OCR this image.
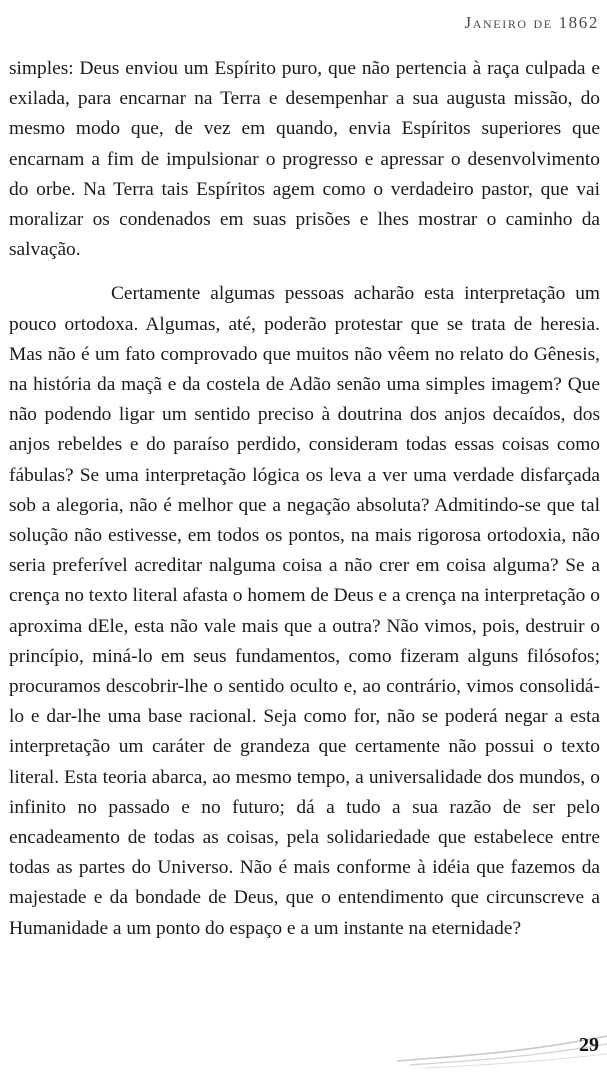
Janeiro de 1862

simples: Deus enviou um Espírito puro, que não pertencia à raça culpada e exilada, para encarnar na Terra e desempenhar a sua augusta missão, do mesmo modo que, de vez em quando, envia Espíritos superiores que encarnam a fim de impulsionar o progresso e apressar o desenvolvimento do orbe. Na Terra tais Espíritos agem como o verdadeiro pastor, que vai moralizar os condenados em suas prisões e lhes mostrar o caminho da salvação.

Certamente algumas pessoas acharão esta interpretação um pouco ortodoxa. Algumas, até, poderão protestar que se trata de heresia. Mas não é um fato comprovado que muitos não vêem no relato do Gênesis, na história da maçã e da costela de Adão senão uma simples imagem? Que não podendo ligar um sentido preciso à doutrina dos anjos decaídos, dos anjos rebeldes e do paraíso perdido, consideram todas essas coisas como fábulas? Se uma interpretação lógica os leva a ver uma verdade disfarçada sob a alegoria, não é melhor que a negação absoluta? Admitindo-se que tal solução não estivesse, em todos os pontos, na mais rigorosa ortodoxia, não seria preferível acreditar nalguma coisa a não crer em coisa alguma? Se a crença no texto literal afasta o homem de Deus e a crença na interpretação o aproxima dEle, esta não vale mais que a outra? Não vimos, pois, destruir o princípio, miná-lo em seus fundamentos, como fizeram alguns filósofos; procuramos descobrir-lhe o sentido oculto e, ao contrário, vimos consolidá-lo e dar-lhe uma base racional. Seja como for, não se poderá negar a esta interpretação um caráter de grandeza que certamente não possui o texto literal. Esta teoria abarca, ao mesmo tempo, a universalidade dos mundos, o infinito no passado e no futuro; dá a tudo a sua razão de ser pelo encadeamento de todas as coisas, pela solidariedade que estabelece entre todas as partes do Universo. Não é mais conforme à idéia que fazemos da majestade e da bondade de Deus, que o entendimento que circunscreve a Humanidade a um ponto do espaço e a um instante na eternidade?

29
